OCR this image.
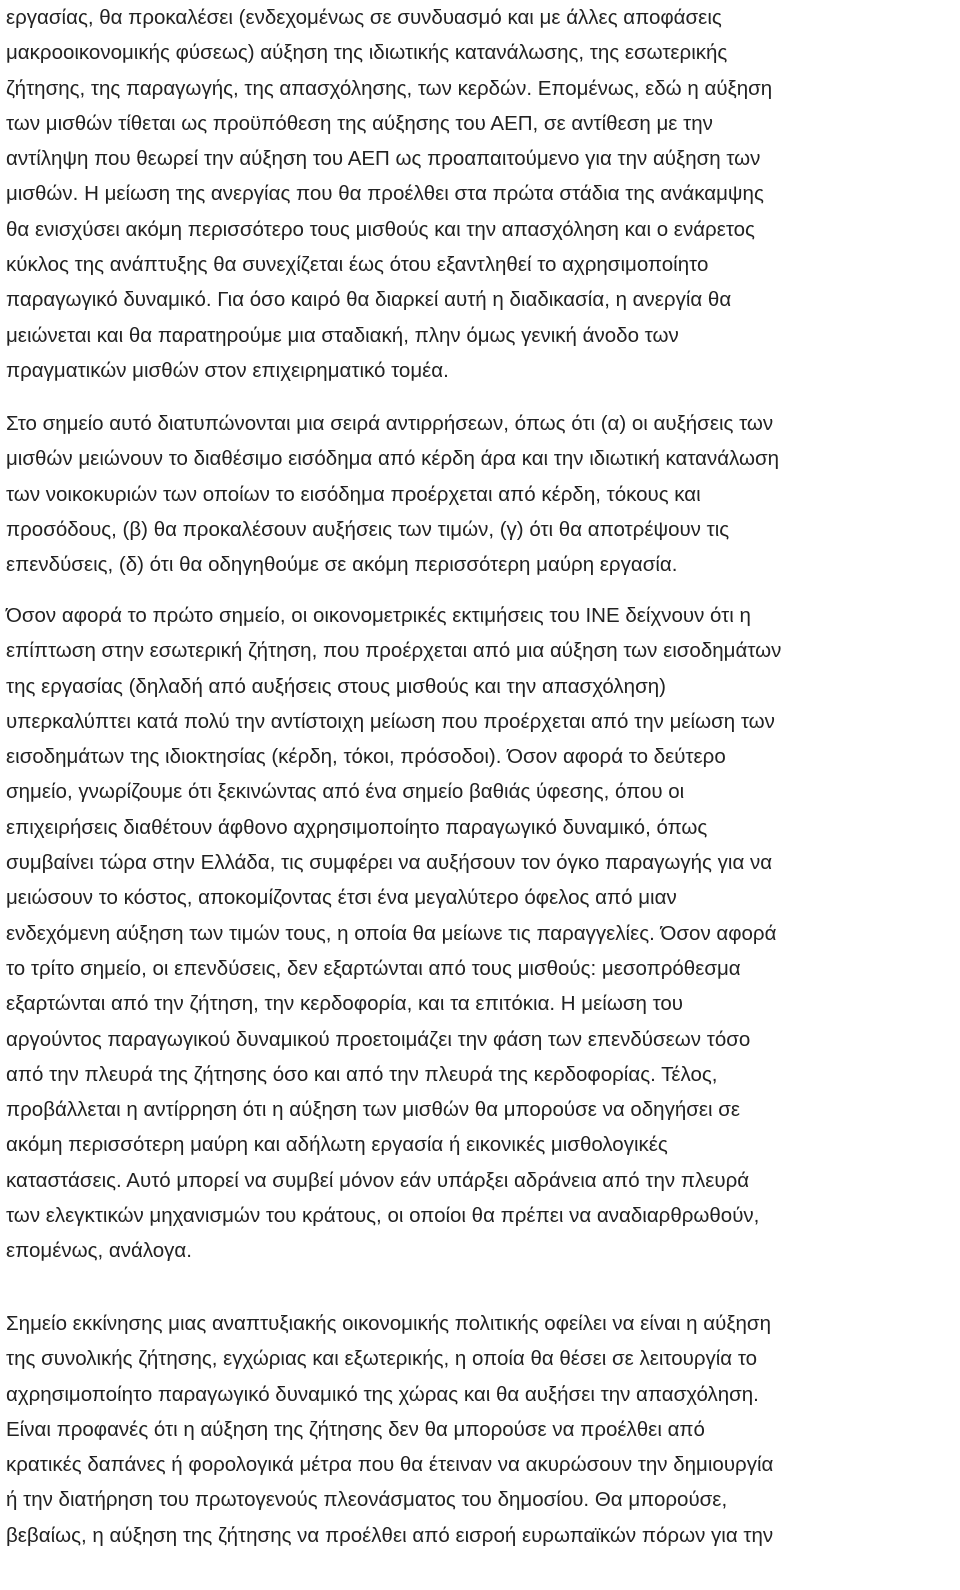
εργασίας, θα προκαλέσει (ενδεχομένως σε συνδυασμό και με άλλες αποφάσεις
μακροοικονομικής φύσεως) αύξηση της ιδιωτικής κατανάλωσης, της εσωτερικής
ζήτησης, της παραγωγής, της απασχόλησης, των κερδών. Επομένως, εδώ η αύξηση
των μισθών τίθεται ως προϋπόθεση της αύξησης του ΑΕΠ, σε αντίθεση με την
αντίληψη που θεωρεί την αύξηση του ΑΕΠ ως προαπαιτούμενο για την αύξηση των
μισθών. Η μείωση της ανεργίας που θα προέλθει στα πρώτα στάδια της ανάκαμψης
θα ενισχύσει ακόμη περισσότερο τους μισθούς και την απασχόληση και ο ενάρετος
κύκλος της ανάπτυξης θα συνεχίζεται έως ότου εξαντληθεί το αχρησιμοποίητο
παραγωγικό δυναμικό. Για όσο καιρό θα διαρκεί αυτή η διαδικασία, η ανεργία θα
μειώνεται και θα παρατηρούμε μια σταδιακή, πλην όμως γενική άνοδο των
πραγματικών μισθών στον επιχειρηματικό τομέα.
Στο σημείο αυτό διατυπώνονται μια σειρά αντιρρήσεων, όπως ότι (α) οι αυξήσεις των
μισθών μειώνουν το διαθέσιμο εισόδημα από κέρδη άρα και την ιδιωτική κατανάλωση
των νοικοκυριών των οποίων το εισόδημα προέρχεται από κέρδη, τόκους και
προσόδους, (β) θα προκαλέσουν αυξήσεις των τιμών, (γ) ότι θα αποτρέψουν τις
επενδύσεις, (δ) ότι θα οδηγηθούμε σε ακόμη περισσότερη μαύρη εργασία.
Όσον αφορά το πρώτο σημείο, οι οικονομετρικές εκτιμήσεις του ΙΝΕ δείχνουν ότι η
επίπτωση στην εσωτερική ζήτηση, που προέρχεται από μια αύξηση των εισοδημάτων
της εργασίας (δηλαδή από αυξήσεις στους μισθούς και την απασχόληση)
υπερκαλύπτει κατά πολύ την αντίστοιχη μείωση που προέρχεται από την μείωση των
εισοδημάτων της ιδιοκτησίας (κέρδη, τόκοι, πρόσοδοι). Όσον αφορά το δεύτερο
σημείο, γνωρίζουμε ότι ξεκινώντας από ένα σημείο βαθιάς ύφεσης, όπου οι
επιχειρήσεις διαθέτουν άφθονο αχρησιμοποίητο παραγωγικό δυναμικό, όπως
συμβαίνει τώρα στην Ελλάδα, τις συμφέρει να αυξήσουν τον όγκο παραγωγής για να
μειώσουν το κόστος, αποκομίζοντας έτσι ένα μεγαλύτερο όφελος από μιαν
ενδεχόμενη αύξηση των τιμών τους, η οποία θα μείωνε τις παραγγελίες. Όσον αφορά
το τρίτο σημείο, οι επενδύσεις, δεν εξαρτώνται από τους μισθούς: μεσοπρόθεσμα
εξαρτώνται από την ζήτηση, την κερδοφορία, και τα επιτόκια. Η μείωση του
αργούντος παραγωγικού δυναμικού προετοιμάζει την φάση των επενδύσεων τόσο
από την πλευρά της ζήτησης όσο και από την πλευρά της κερδοφορίας. Τέλος,
προβάλλεται η αντίρρηση ότι η αύξηση των μισθών θα μπορούσε να οδηγήσει σε
ακόμη περισσότερη μαύρη και αδήλωτη εργασία ή εικονικές μισθολογικές
καταστάσεις. Αυτό μπορεί να συμβεί μόνον εάν υπάρξει αδράνεια από την πλευρά
των ελεγκτικών μηχανισμών του κράτους, οι οποίοι θα πρέπει να αναδιαρθρωθούν,
επομένως, ανάλογα.
Σημείο εκκίνησης μιας αναπτυξιακής οικονομικής πολιτικής οφείλει να είναι η αύξηση
της συνολικής ζήτησης, εγχώριας και εξωτερικής, η οποία θα θέσει σε λειτουργία το
αχρησιμοποίητο παραγωγικό δυναμικό της χώρας και θα αυξήσει την απασχόληση.
Είναι προφανές ότι η αύξηση της ζήτησης δεν θα μπορούσε να προέλθει από
κρατικές δαπάνες ή φορολογικά μέτρα που θα έτειναν να ακυρώσουν την δημιουργία
ή την διατήρηση του πρωτογενούς πλεονάσματος του δημοσίου. Θα μπορούσε,
βεβαίως, η αύξηση της ζήτησης να προέλθει από εισροή ευρωπαϊκών πόρων για την
